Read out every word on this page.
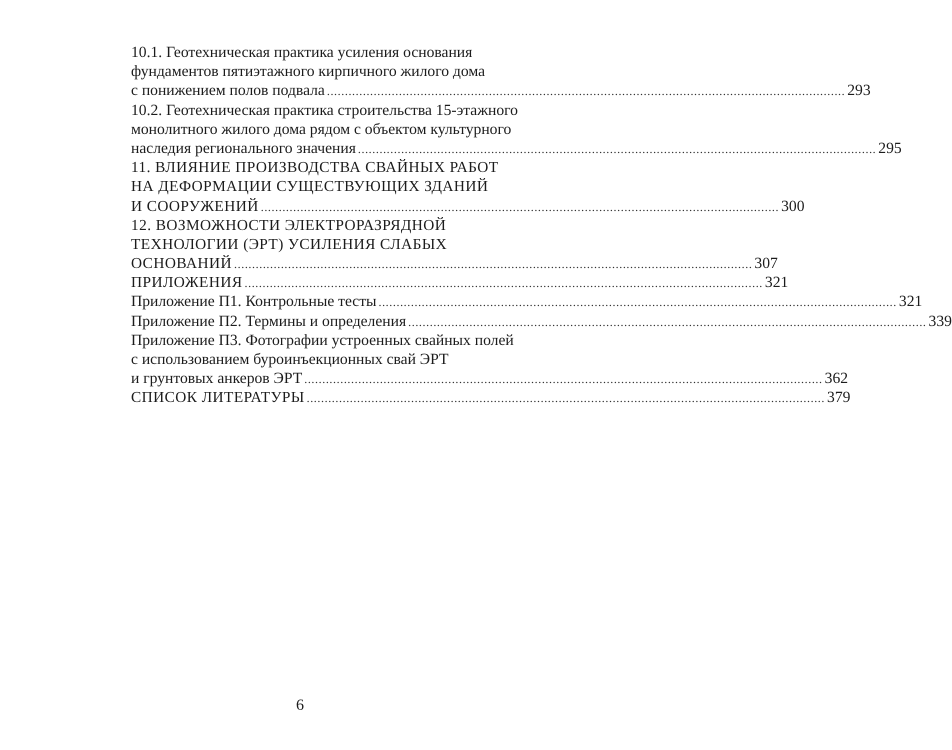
10.1. Геотехническая практика усиления основания
фундаментов пятиэтажного кирпичного жилого дома
с понижением полов подвала ................................................................................................................................................ 293
10.2. Геотехническая практика строительства 15-этажного
монолитного жилого дома рядом с объектом культурного
наследия регионального значения ................................................................................................................................................ 295
11. ВЛИЯНИЕ ПРОИЗВОДСТВА СВАЙНЫХ РАБОТ
НА ДЕФОРМАЦИИ СУЩЕСТВУЮЩИХ ЗДАНИЙ
И СООРУЖЕНИЙ ................................................................................................................................................ 300
12. ВОЗМОЖНОСТИ ЭЛЕКТРОРАЗРЯДНОЙ
ТЕХНОЛОГИИ (ЭРТ) УСИЛЕНИЯ СЛАБЫХ
ОСНОВАНИЙ ................................................................................................................................................ 307
ПРИЛОЖЕНИЯ ................................................................................................................................................ 321
Приложение П1. Контрольные тесты ................................................................................................................................................ 321
Приложение П2. Термины и определения ................................................................................................................................................ 339
Приложение П3. Фотографии устроенных свайных полей
с использованием буроинъекционных свай ЭРТ
и грунтовых анкеров ЭРТ ................................................................................................................................................ 362
СПИСОК ЛИТЕРАТУРЫ ................................................................................................................................................ 379
6
